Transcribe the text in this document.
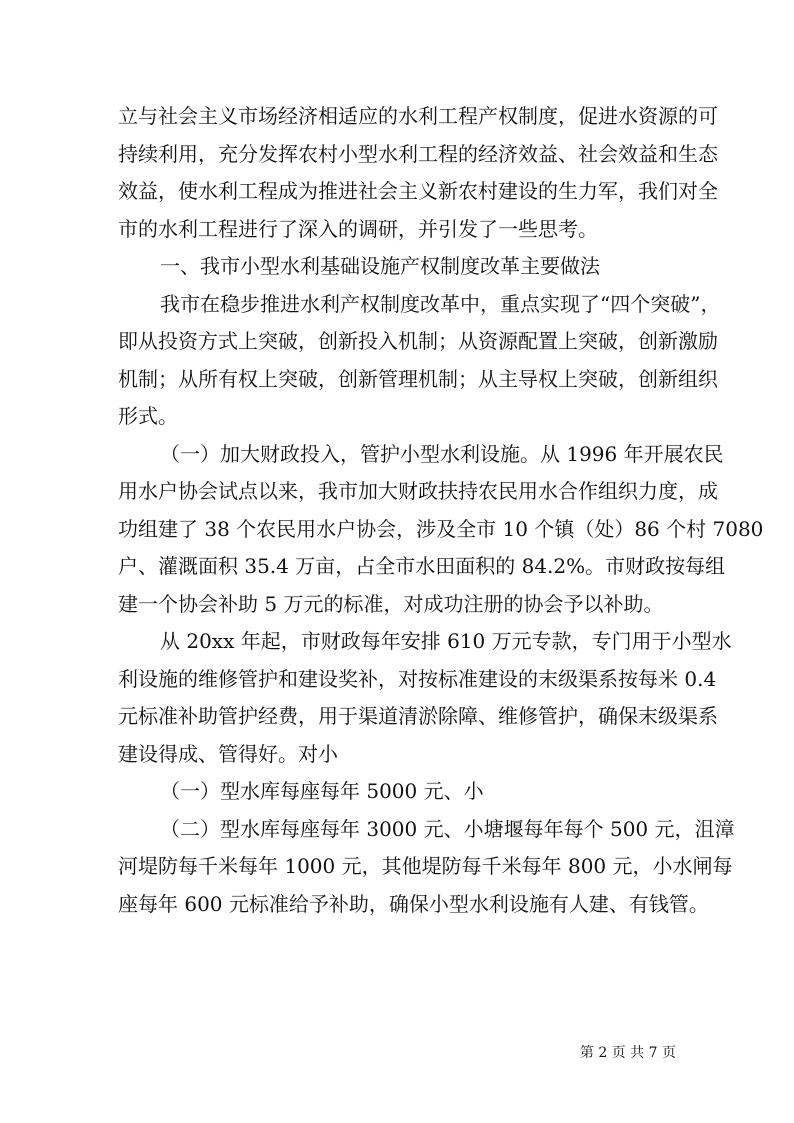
立与社会主义市场经济相适应的水利工程产权制度，促进水资源的可
持续利用，充分发挥农村小型水利工程的经济效益、社会效益和生态
效益，使水利工程成为推进社会主义新农村建设的生力军，我们对全
市的水利工程进行了深入的调研，并引发了一些思考。
一、我市小型水利基础设施产权制度改革主要做法
我市在稳步推进水利产权制度改革中，重点实现了“四个突破”，
即从投资方式上突破，创新投入机制；从资源配置上突破，创新激励
机制；从所有权上突破，创新管理机制；从主导权上突破，创新组织
形式。
（一）加大财政投入，管护小型水利设施。从 1996 年开展农民
用水户协会试点以来，我市加大财政扶持农民用水合作组织力度，成
功组建了 38 个农民用水户协会，涉及全市 10 个镇（处）86 个村 7080
户、灌溉面积 35.4 万亩，占全市水田面积的 84.2%。市财政按每组
建一个协会补助 5 万元的标准，对成功注册的协会予以补助。
从 20xx 年起，市财政每年安排 610 万元专款，专门用于小型水
利设施的维修管护和建设奖补，对按标准建设的末级渠系按每米 0.4
元标准补助管护经费，用于渠道清淤除障、维修管护，确保末级渠系
建设得成、管得好。对小
（一）型水库每座每年 5000 元、小
（二）型水库每座每年 3000 元、小塘堰每年每个 500 元，沮漳
河堤防每千米每年 1000 元，其他堤防每千米每年 800 元，小水闸每
座每年 600 元标准给予补助，确保小型水利设施有人建、有钱管。
第 2 页 共 7 页
